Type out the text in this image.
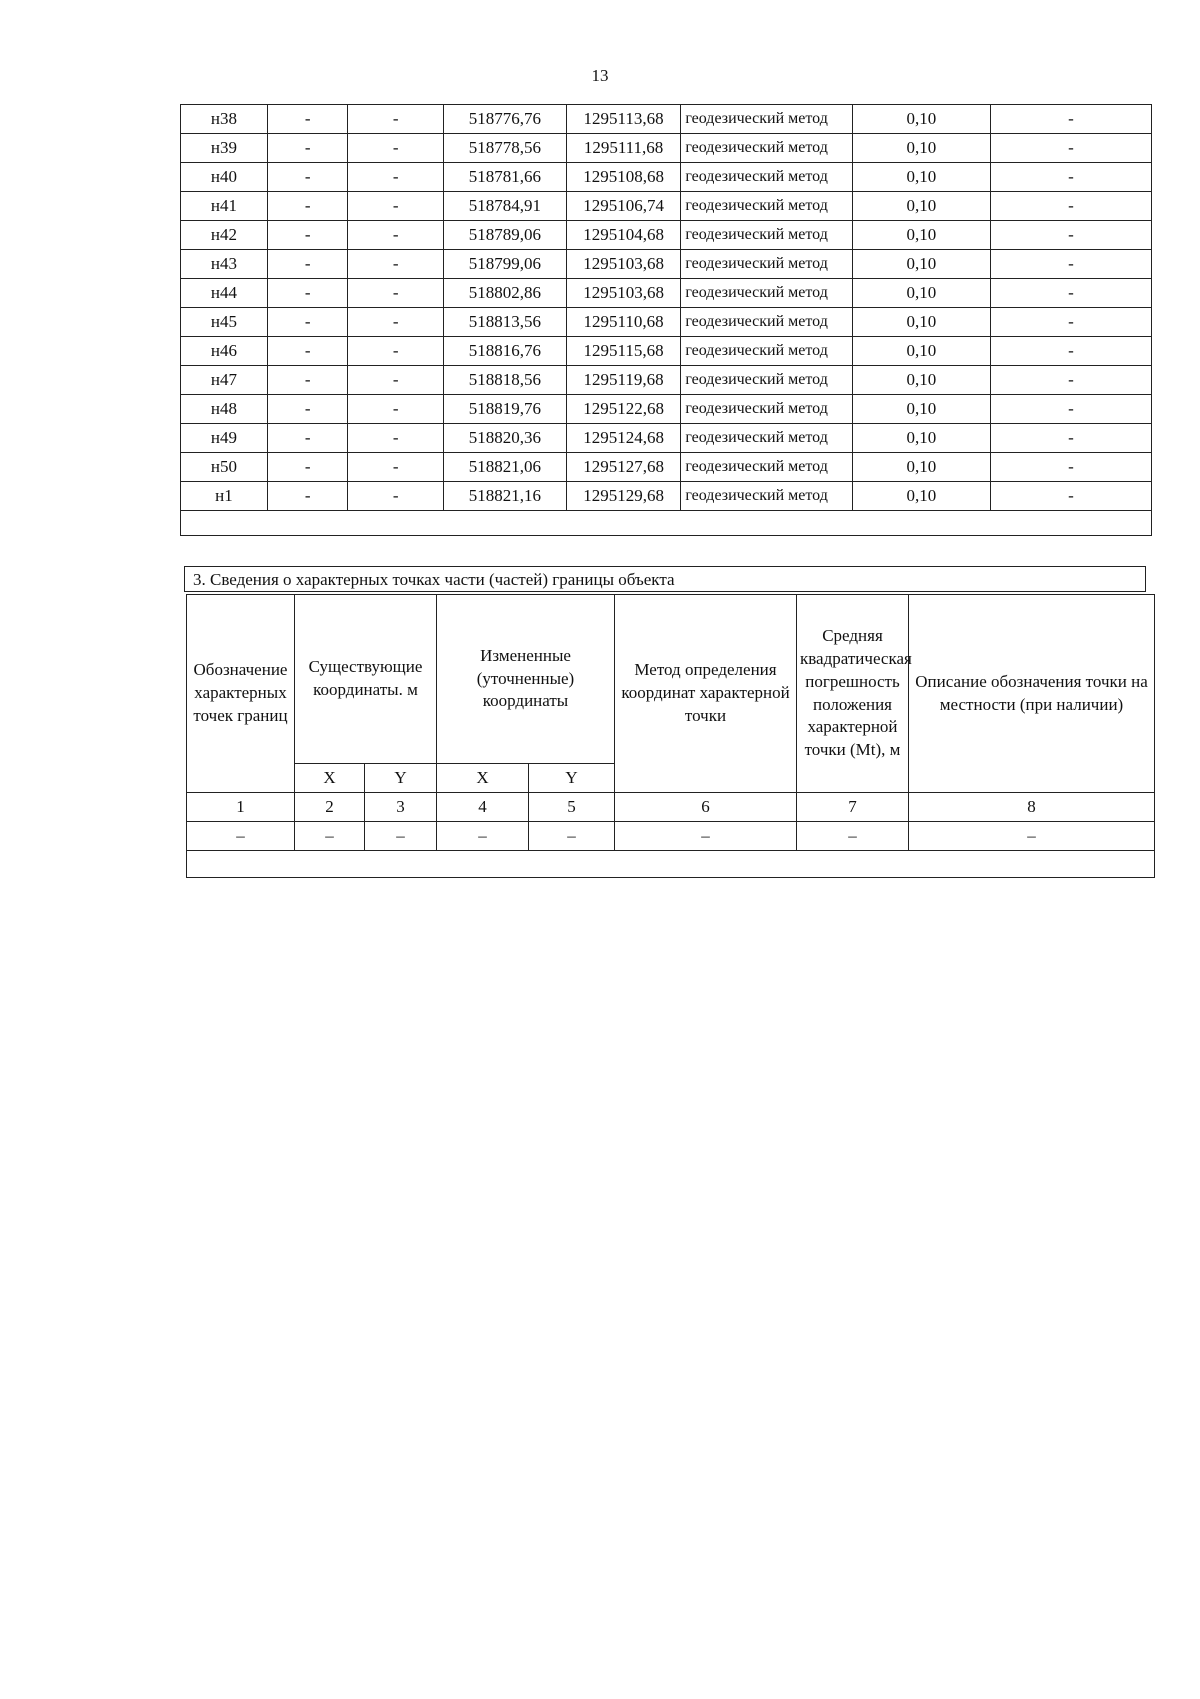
13
н38	-	-	518776,76	1295113,68	геодезический метод	0,10	-
н39	-	-	518778,56	1295111,68	геодезический метод	0,10	-
н40	-	-	518781,66	1295108,68	геодезический метод	0,10	-
н41	-	-	518784,91	1295106,74	геодезический метод	0,10	-
н42	-	-	518789,06	1295104,68	геодезический метод	0,10	-
н43	-	-	518799,06	1295103,68	геодезический метод	0,10	-
н44	-	-	518802,86	1295103,68	геодезический метод	0,10	-
н45	-	-	518813,56	1295110,68	геодезический метод	0,10	-
н46	-	-	518816,76	1295115,68	геодезический метод	0,10	-
н47	-	-	518818,56	1295119,68	геодезический метод	0,10	-
н48	-	-	518819,76	1295122,68	геодезический метод	0,10	-
н49	-	-	518820,36	1295124,68	геодезический метод	0,10	-
н50	-	-	518821,06	1295127,68	геодезический метод	0,10	-
н1	-	-	518821,16	1295129,68	геодезический метод	0,10	-

3. Сведения о характерных точках части (частей) границы объекта
Обозначение характерных точек границ	Существующие координаты. м		Измененные (уточненные) координаты		Метод определения координат характерной точки	Средняя квадратическая погрешность положения характерной точки (Mt), м	Описание обозначения точки на местности (при наличии)
	X	Y	X	Y			
1	2	3	4	5	6	7	8
–	–	–	–	–	–	–	–
